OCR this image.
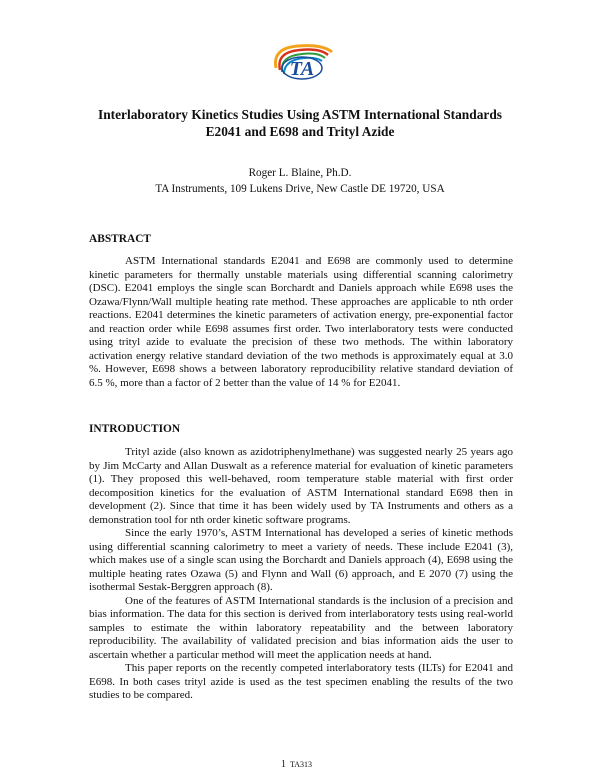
TA
Interlaboratory Kinetics Studies Using ASTM International Standards
E2041 and E698 and Trityl Azide
Roger L. Blaine, Ph.D.
TA Instruments, 109 Lukens Drive, New Castle DE 19720, USA
ABSTRACT

ASTM International standards E2041 and E698 are commonly used to determine kinetic parameters for thermally unstable materials using differential scanning calorimetry (DSC). E2041 employs the single scan Borchardt and Daniels approach while E698 uses the Ozawa/Flynn/Wall multiple heating rate method. These approaches are applicable to nth order reactions. E2041 determines the kinetic parameters of activation energy, pre-exponential factor and reaction order while E698 assumes first order. Two interlaboratory tests were conducted using trityl azide to evaluate the precision of these two methods. The within laboratory activation energy relative standard deviation of the two methods is approximately equal at 3.0 %. However, E698 shows a between laboratory reproducibility relative standard deviation of 6.5 %, more than a factor of 2 better than the value of 14 % for E2041.

INTRODUCTION

Trityl azide (also known as azidotriphenylmethane) was suggested nearly 25 years ago by Jim McCarty and Allan Duswalt as a reference material for evaluation of kinetic parameters (1). They proposed this well-behaved, room temperature stable material with first order decomposition kinetics for the evaluation of ASTM International standard E698 then in development (2). Since that time it has been widely used by TA Instruments and others as a demonstration tool for nth order kinetic software programs.

Since the early 1970’s, ASTM International has developed a series of kinetic methods using differential scanning calorimetry to meet a variety of needs. These include E2041 (3), which makes use of a single scan using the Borchardt and Daniels approach (4), E698 using the multiple heating rates Ozawa (5) and Flynn and Wall (6) approach, and E 2070 (7) using the isothermal Sestak-Berggren approach (8).

One of the features of ASTM International standards is the inclusion of a precision and bias information. The data for this section is derived from interlaboratory tests using real-world samples to estimate the within laboratory repeatability and the between laboratory reproducibility. The availability of validated precision and bias information aids the user to ascertain whether a particular method will meet the application needs at hand.

This paper reports on the recently competed interlaboratory tests (ILTs) for E2041 and E698. In both cases trityl azide is used as the test specimen enabling the results of the two studies to be compared.

1 TA313
